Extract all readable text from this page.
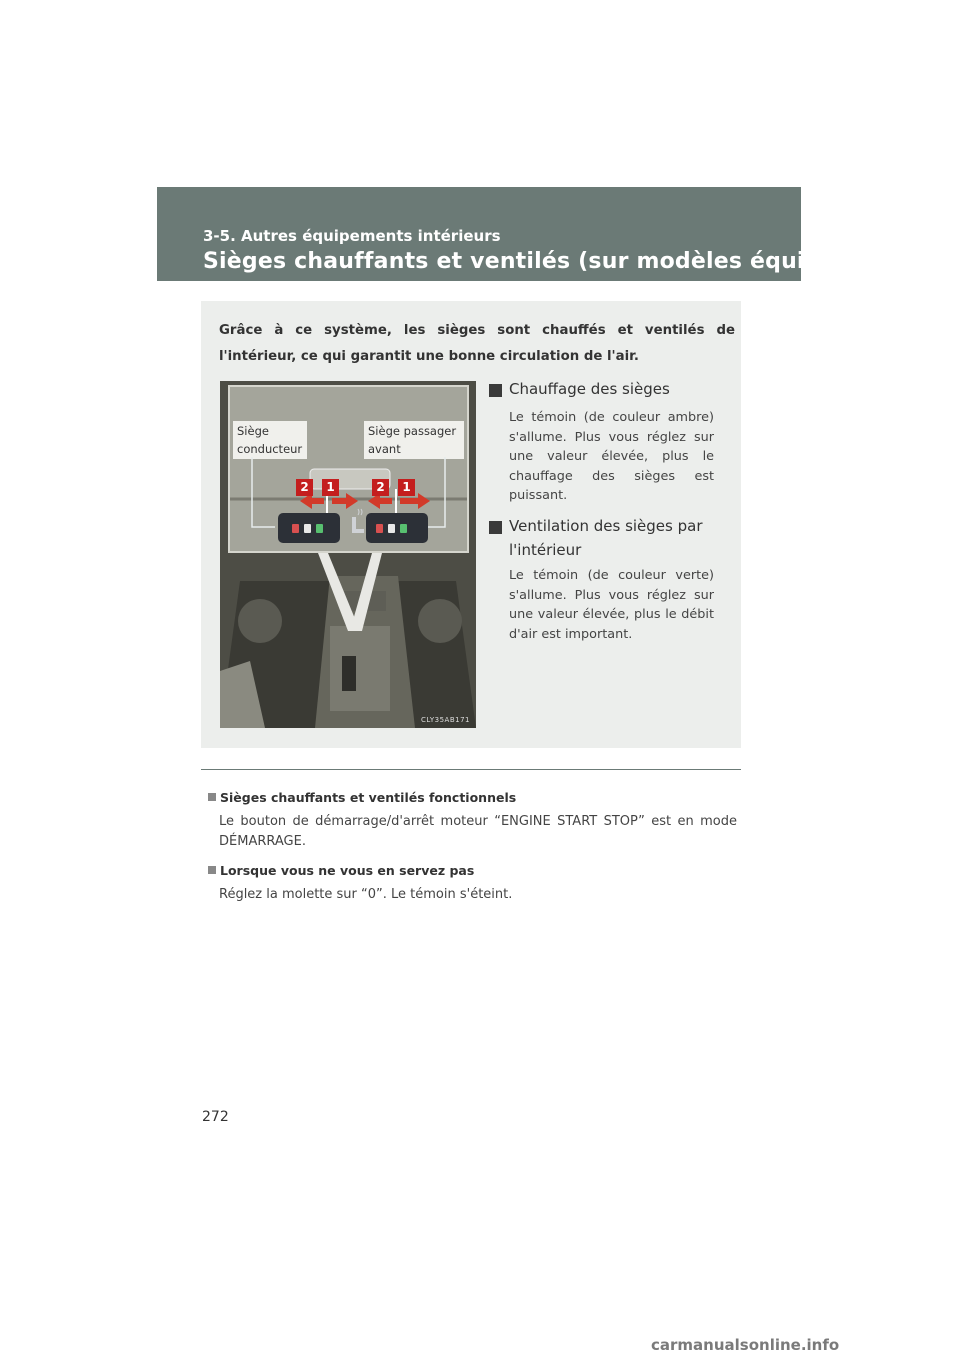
3-5. Autres équipements intérieurs
Sièges chauffants et ventilés (sur modèles équipés)
Grâce à ce système, les sièges sont chauffés et ventilés de l'intérieur, ce qui garantit une bonne circulation de l'air.
Siège conducteur
Siège passager avant
2	1	2	1
CLY35AB171
Chauffage des sièges
Le témoin (de couleur ambre) s'allume. Plus vous réglez sur une valeur élevée, plus le chauffage des sièges est puissant.
Ventilation des sièges par l'intérieur
Le témoin (de couleur verte) s'allume. Plus vous réglez sur une valeur élevée, plus le débit d'air est important.
Sièges chauffants et ventilés fonctionnels
Le bouton de démarrage/d'arrêt moteur “ENGINE START STOP” est en mode DÉMARRAGE.
Lorsque vous ne vous en servez pas
Réglez la molette sur “0”. Le témoin s'éteint.
272
carmanualsonline.info
